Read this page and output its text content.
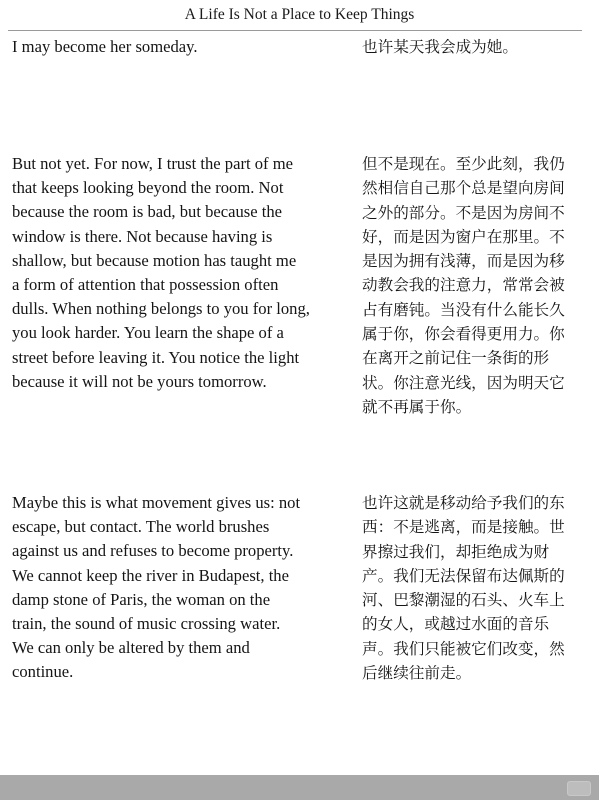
A Life Is Not a Place to Keep Things

I may become her someday.	也许某天我会成为她。

But not yet. For now, I trust the part of me
that keeps looking beyond the room. Not
because the room is bad, but because the
window is there. Not because having is
shallow, but because motion has taught me
a form of attention that possession often
dulls. When nothing belongs to you for long,
you look harder. You learn the shape of a
street before leaving it. You notice the light
because it will not be yours tomorrow.

但不是现在。至少此刻，我仍
然相信自己那个总是望向房间
之外的部分。不是因为房间不
好，而是因为窗户在那里。不
是因为拥有浅薄，而是因为移
动教会我的注意力，常常会被
占有磨钝。当没有什么能长久
属于你，你会看得更用力。你
在离开之前记住一条街的形
状。你注意光线，因为明天它
就不再属于你。

Maybe this is what movement gives us: not
escape, but contact. The world brushes
against us and refuses to become property.
We cannot keep the river in Budapest, the
damp stone of Paris, the woman on the
train, the sound of music crossing water.
We can only be altered by them and
continue.

也许这就是移动给予我们的东
西：不是逃离，而是接触。世
界擦过我们，却拒绝成为财
产。我们无法保留布达佩斯的
河、巴黎潮湿的石头、火车上
的女人，或越过水面的音乐
声。我们只能被它们改变，然
后继续往前走。
